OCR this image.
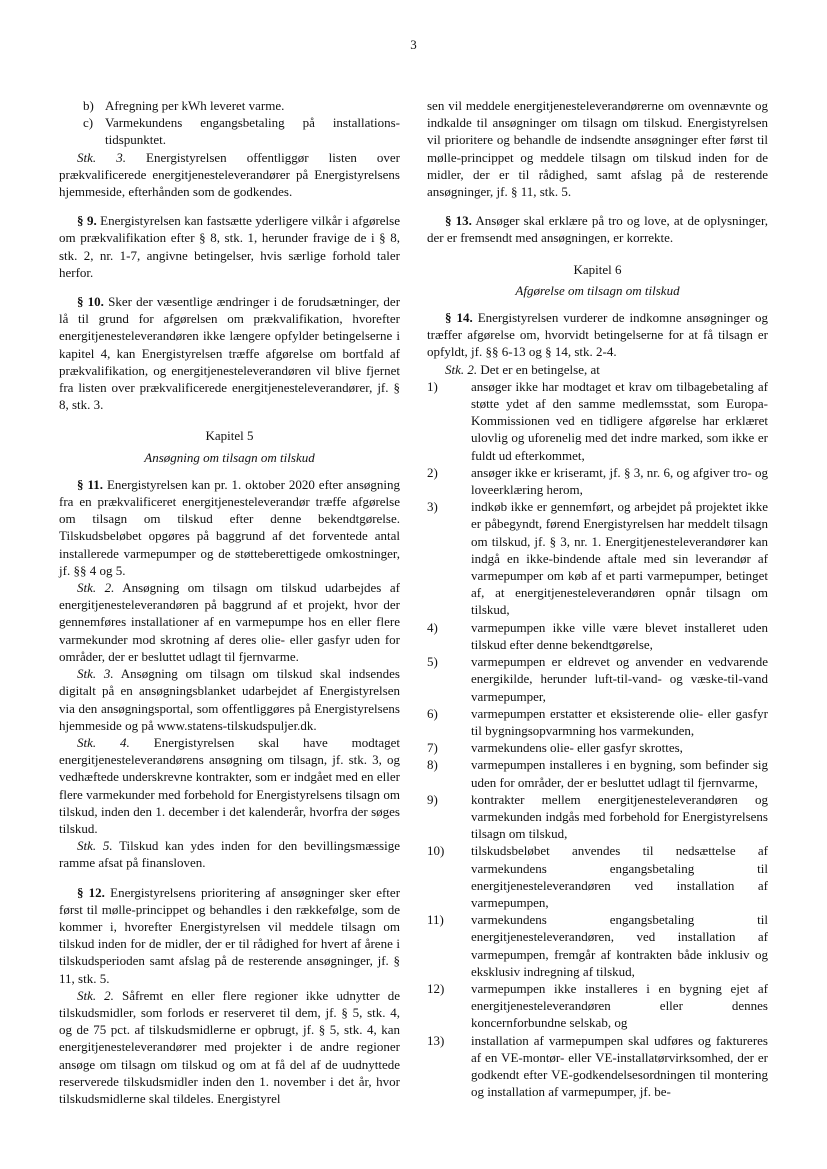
3
b) Afregning per kWh leveret varme.
c) Varmekundens engangsbetaling på installationstidspunktet.

Stk. 3. Energistyrelsen offentliggør listen over prækvalificerede energitjenesteleverandører på Energistyrelsens hjemmeside, efterhånden som de godkendes.

§ 9. Energistyrelsen kan fastsætte yderligere vilkår i afgørelse om prækvalifikation efter § 8, stk. 1, herunder fravige de i § 8, stk. 2, nr. 1-7, angivne betingelser, hvis særlige forhold taler herfor.

§ 10. Sker der væsentlige ændringer i de forudsætninger, der lå til grund for afgørelsen om prækvalifikation, hvorefter energitjenesteleverandøren ikke længere opfylder betingelserne i kapitel 4, kan Energistyrelsen træffe afgørelse om bortfald af prækvalifikation, og energitjenesteleverandøren vil blive fjernet fra listen over prækvalificerede energitjenesteleverandører, jf. § 8, stk. 3.

Kapitel 5

Ansøgning om tilsagn om tilskud

§ 11. Energistyrelsen kan pr. 1. oktober 2020 efter ansøgning fra en prækvalificeret energitjenesteleverandør træffe afgørelse om tilsagn om tilskud efter denne bekendtgørelse. Tilskudsbeløbet opgøres på baggrund af det forventede antal installerede varmepumper og de støtteberettigede omkostninger, jf. §§ 4 og 5.

Stk. 2. Ansøgning om tilsagn om tilskud udarbejdes af energitjenesteleverandøren på baggrund af et projekt, hvor der gennemføres installationer af en varmepumpe hos en eller flere varmekunder mod skrotning af deres olie- eller gasfyr uden for områder, der er besluttet udlagt til fjernvarme.

Stk. 3. Ansøgning om tilsagn om tilskud skal indsendes digitalt på en ansøgningsblanket udarbejdet af Energistyrelsen via den ansøgningsportal, som offentliggøres på Energistyrelsens hjemmeside og på www.statens-tilskudspuljer.dk.

Stk. 4. Energistyrelsen skal have modtaget energitjenesteleverandørens ansøgning om tilsagn, jf. stk. 3, og vedhæftede underskrevne kontrakter, som er indgået med en eller flere varmekunder med forbehold for Energistyrelsens tilsagn om tilskud, inden den 1. december i det kalenderår, hvorfra der søges tilskud.

Stk. 5. Tilskud kan ydes inden for den bevillingsmæssige ramme afsat på finansloven.

§ 12. Energistyrelsens prioritering af ansøgninger sker efter først til mølle-princippet og behandles i den rækkefølge, som de kommer i, hvorefter Energistyrelsen vil meddele tilsagn om tilskud inden for de midler, der er til rådighed for hvert af årene i tilskudsperioden samt afslag på de resterende ansøgninger, jf. § 11, stk. 5.

Stk. 2. Såfremt en eller flere regioner ikke udnytter de tilskudsmidler, som forlods er reserveret til dem, jf. § 5, stk. 4, og de 75 pct. af tilskudsmidlerne er opbrugt, jf. § 5, stk. 4, kan energitjenesteleverandører med projekter i de andre regioner ansøge om tilsagn om tilskud og om at få del af de uudnyttede reserverede tilskudsmidler inden den 1. november i det år, hvor tilskudsmidlerne skal tildeles. Energistyrel

sen vil meddele energitjenesteleverandørerne om ovennævnte og indkalde til ansøgninger om tilsagn om tilskud. Energistyrelsen vil prioritere og behandle de indsendte ansøgninger efter først til mølle-princippet og meddele tilsagn om tilskud inden for de midler, der er til rådighed, samt afslag på de resterende ansøgninger, jf. § 11, stk. 5.

§ 13. Ansøger skal erklære på tro og love, at de oplysninger, der er fremsendt med ansøgningen, er korrekte.

Kapitel 6

Afgørelse om tilsagn om tilskud

§ 14. Energistyrelsen vurderer de indkomne ansøgninger og træffer afgørelse om, hvorvidt betingelserne for at få tilsagn er opfyldt, jf. §§ 6-13 og § 14, stk. 2-4.

Stk. 2. Det er en betingelse, at

1)	ansøger ikke har modtaget et krav om tilbagebetaling af støtte ydet af den samme medlemsstat, som Europa-Kommissionen ved en tidligere afgørelse har erklæret ulovlig og uforenelig med det indre marked, som ikke er fuldt ud efterkommet,
2)	ansøger ikke er kriseramt, jf. § 3, nr. 6, og afgiver tro- og loveerklæring herom,
3)	indkøb ikke er gennemført, og arbejdet på projektet ikke er påbegyndt, førend Energistyrelsen har meddelt tilsagn om tilskud, jf. § 3, nr. 1. Energitjenesteleverandører kan indgå en ikke-bindende aftale med sin leverandør af varmepumper om køb af et parti varmepumper, betinget af, at energitjenesteleverandøren opnår tilsagn om tilskud,
4)	varmepumpen ikke ville være blevet installeret uden tilskud efter denne bekendtgørelse,
5)	varmepumpen er eldrevet og anvender en vedvarende energikilde, herunder luft-til-vand- og væske-til-vand varmepumper,
6)	varmepumpen erstatter et eksisterende olie- eller gasfyr til bygningsopvarmning hos varmekunden,
7)	varmekundens olie- eller gasfyr skrottes,
8)	varmepumpen installeres i en bygning, som befinder sig uden for områder, der er besluttet udlagt til fjernvarme,
9)	kontrakter mellem energitjenesteleverandøren og varmekunden indgås med forbehold for Energistyrelsens tilsagn om tilskud,
10)	tilskudsbeløbet anvendes til nedsættelse af varmekundens engangsbetaling til energitjenesteleverandøren ved installation af varmepumpen,
11)	varmekundens engangsbetaling til energitjenesteleverandøren, ved installation af varmepumpen, fremgår af kontrakten både inklusiv og eksklusiv indregning af tilskud,
12)	varmepumpen ikke installeres i en bygning ejet af energitjenesteleverandøren eller dennes koncernforbundne selskab, og
13)	installation af varmepumpen skal udføres og faktureres af en VE-montør- eller VE-installatørvirksomhed, der er godkendt efter VE-godkendelsesordningen til montering og installation af varmepumper, jf. be-
